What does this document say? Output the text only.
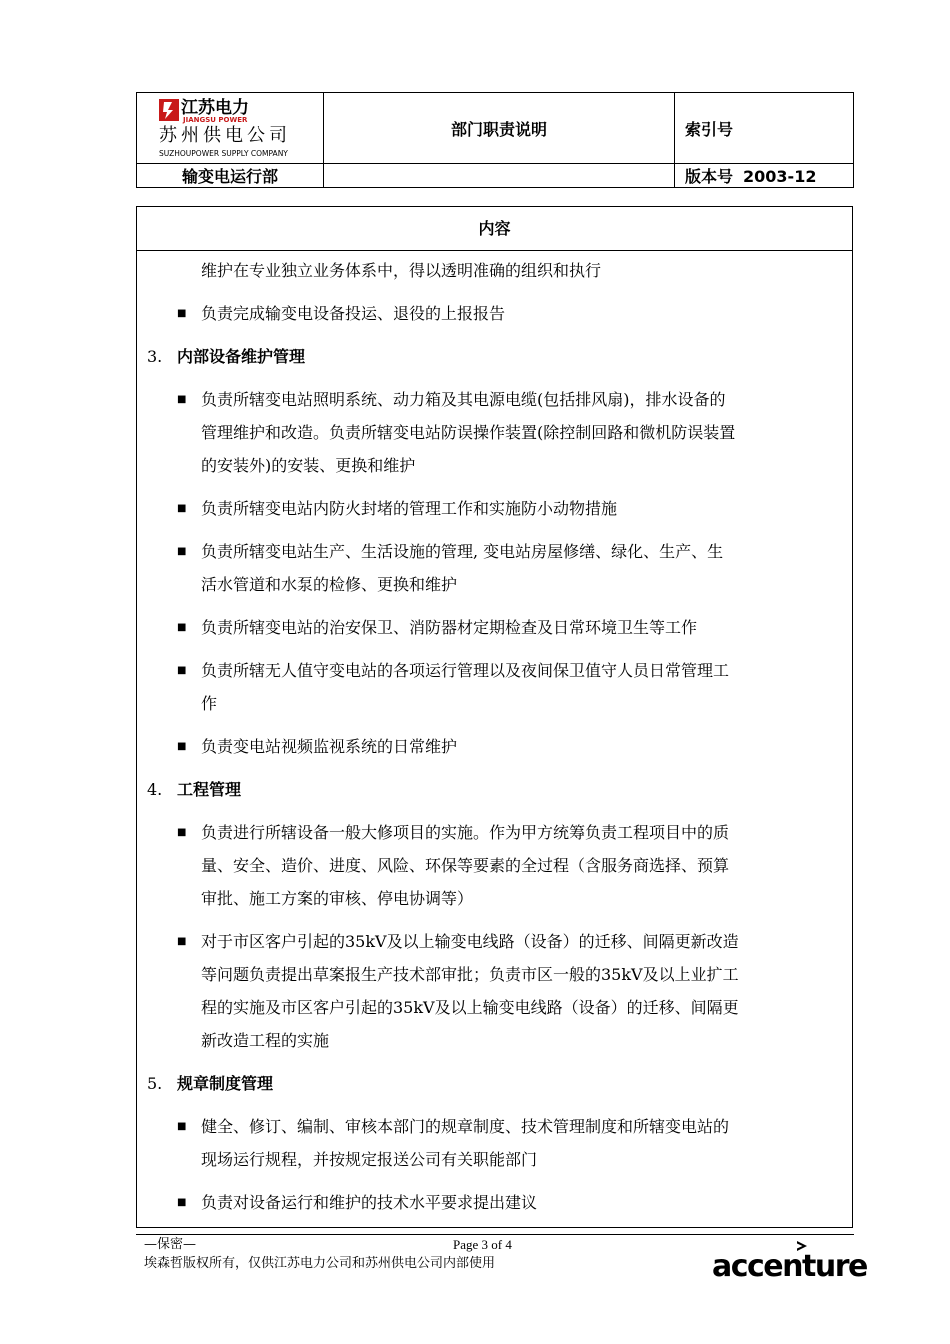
江苏电力
JIANGSU POWER
苏州供电公司
SUZHOUPOWER SUPPLY COMPANY	部门职责说明	索引号
输变电运行部		版本号 2003-12
内容

维护在专业独立业务体系中，得以透明准确的组织和执行

■ 负责完成输变电设备投运、退役的上报报告

3. 内部设备维护管理
■ 负责所辖变电站照明系统、动力箱及其电源电缆(包括排风扇)，排水设备的

管理维护和改造。负责所辖变电站防误操作装置(除控制回路和微机防误装置

的安装外)的安装、更换和维护

■ 负责所辖变电站内防火封堵的管理工作和实施防小动物措施

■ 负责所辖变电站生产、生活设施的管理, 变电站房屋修缮、绿化、生产、生

活水管道和水泵的检修、更换和维护

■ 负责所辖变电站的治安保卫、消防器材定期检查及日常环境卫生等工作

■ 负责所辖无人值守变电站的各项运行管理以及夜间保卫值守人员日常管理工

作

■ 负责变电站视频监视系统的日常维护

4. 工程管理
■ 负责进行所辖设备一般大修项目的实施。作为甲方统筹负责工程项目中的质

量、安全、造价、进度、风险、环保等要素的全过程（含服务商选择、预算

审批、施工方案的审核、停电协调等）

■ 对于市区客户引起的35kV及以上输变电线路（设备）的迁移、间隔更新改造

等问题负责提出草案报生产技术部审批；负责市区一般的35kV及以上业扩工

程的实施及市区客户引起的35kV及以上输变电线路（设备）的迁移、间隔更

新改造工程的实施

5. 规章制度管理
■ 健全、修订、编制、审核本部门的规章制度、技术管理制度和所辖变电站的

现场运行规程，并按规定报送公司有关职能部门

■ 负责对设备运行和维护的技术水平要求提出建议

—保密—	Page 3 of 4
埃森哲版权所有，仅供江苏电力公司和苏州供电公司内部使用	accenture
